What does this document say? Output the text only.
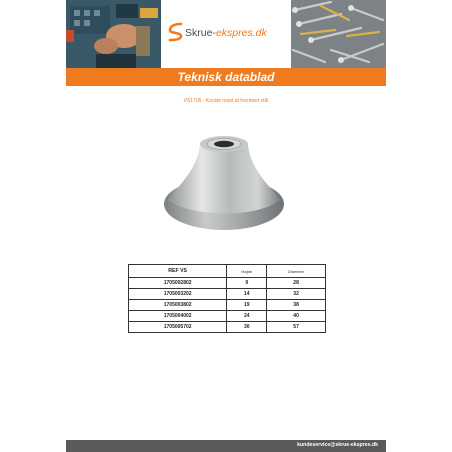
Skrue-ekspres.dk
Teknisk datablad
VS1705 - Konisk roset af forzinket stål
REF VS	Højde	Diameter
1705002802	9	28
1705003202	14	32
1705003802	19	38
1705004002	24	40
1705005702	30	57
kundeservice@skrue-ekspres.dk
